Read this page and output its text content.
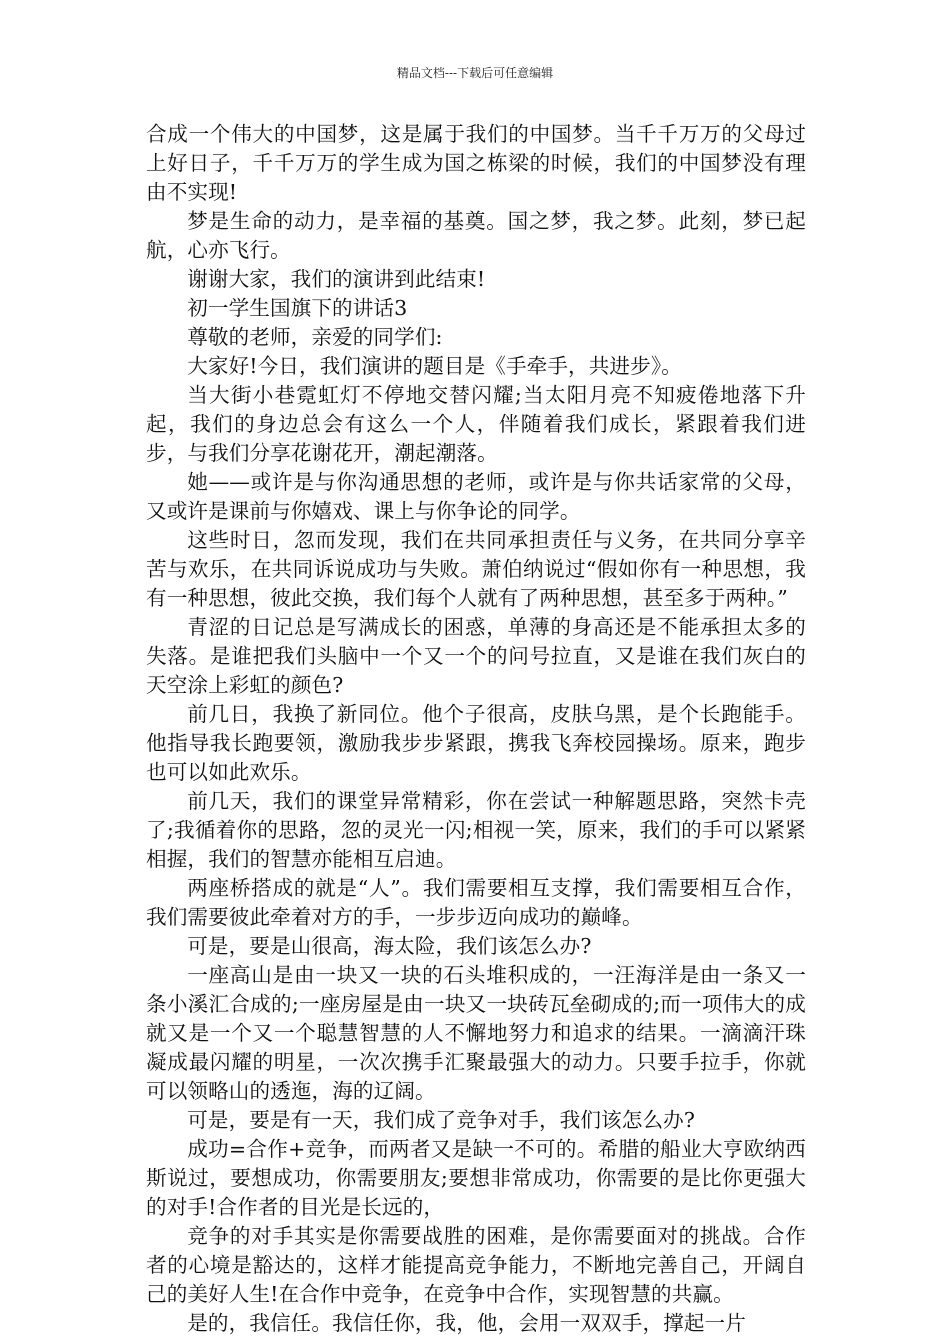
精品文档---下载后可任意编辑

合成一个伟大的中国梦，这是属于我们的中国梦。当千千万万的父母过上好日子，千千万万的学生成为国之栋梁的时候，我们的中国梦没有理由不实现!

梦是生命的动力，是幸福的基奠。国之梦，我之梦。此刻，梦已起航，心亦飞行。

谢谢大家，我们的演讲到此结束!

初一学生国旗下的讲话3

尊敬的老师，亲爱的同学们:

大家好!今日，我们演讲的题目是《手牵手，共进步》。

当大街小巷霓虹灯不停地交替闪耀;当太阳月亮不知疲倦地落下升起，我们的身边总会有这么一个人，伴随着我们成长，紧跟着我们进步，与我们分享花谢花开，潮起潮落。

她——或许是与你沟通思想的老师，或许是与你共话家常的父母，又或许是课前与你嬉戏、课上与你争论的同学。

这些时日，忽而发现，我们在共同承担责任与义务，在共同分享辛苦与欢乐，在共同诉说成功与失败。萧伯纳说过“假如你有一种思想，我有一种思想，彼此交换，我们每个人就有了两种思想，甚至多于两种。”

青涩的日记总是写满成长的困惑，单薄的身高还是不能承担太多的失落。是谁把我们头脑中一个又一个的问号拉直，又是谁在我们灰白的天空涂上彩虹的颜色?

前几日，我换了新同位。他个子很高，皮肤乌黑，是个长跑能手。他指导我长跑要领，激励我步步紧跟，携我飞奔校园操场。原来，跑步也可以如此欢乐。

前几天，我们的课堂异常精彩，你在尝试一种解题思路，突然卡壳了;我循着你的思路，忽的灵光一闪;相视一笑，原来，我们的手可以紧紧相握，我们的智慧亦能相互启迪。

两座桥搭成的就是“人”。我们需要相互支撑，我们需要相互合作，我们需要彼此牵着对方的手，一步步迈向成功的巅峰。

可是，要是山很高，海太险，我们该怎么办?

一座高山是由一块又一块的石头堆积成的，一汪海洋是由一条又一条小溪汇合成的;一座房屋是由一块又一块砖瓦垒砌成的;而一项伟大的成就又是一个又一个聪慧智慧的人不懈地努力和追求的结果。一滴滴汗珠凝成最闪耀的明星，一次次携手汇聚最强大的动力。只要手拉手，你就可以领略山的透迤，海的辽阔。

可是，要是有一天，我们成了竞争对手，我们该怎么办?

成功=合作+竞争，而两者又是缺一不可的。希腊的船业大亨欧纳西斯说过，要想成功，你需要朋友;要想非常成功，你需要的是比你更强大的对手!合作者的目光是长远的，

竞争的对手其实是你需要战胜的困难，是你需要面对的挑战。合作者的心境是豁达的，这样才能提高竞争能力，不断地完善自己，开阔自己的美好人生!在合作中竞争，在竞争中合作，实现智慧的共赢。

是的，我信任。我信任你，我，他，会用一双双手，撑起一片
